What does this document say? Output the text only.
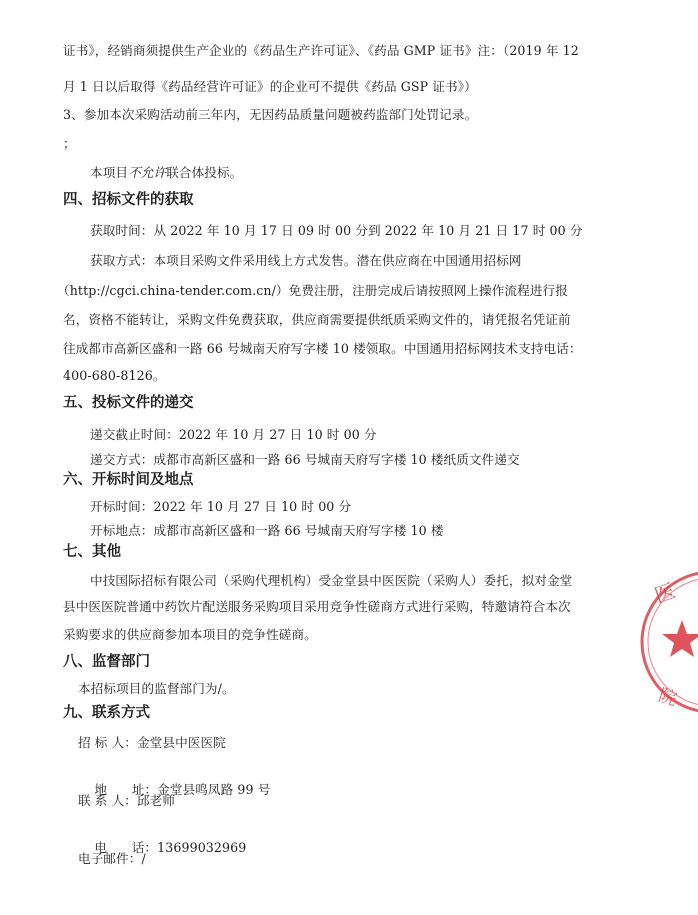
证书》，经销商须提供生产企业的《药品生产许可证》、《药品 GMP 证书》注：（2019 年 12
月 1 日以后取得《药品经营许可证》的企业可不提供《药品 GSP 证书》）
3、参加本次采购活动前三年内，无因药品质量问题被药监部门处罚记录。
；
本项目不允许联合体投标。
四、招标文件的获取
获取时间：从 2022 年 10 月 17 日 09 时 00 分到 2022 年 10 月 21 日 17 时 00 分
获取方式：本项目采购文件采用线上方式发售。潜在供应商在中国通用招标网
（http://cgci.china-tender.com.cn/）免费注册，注册完成后请按照网上操作流程进行报
名，资格不能转让，采购文件免费获取，供应商需要提供纸质采购文件的，请凭报名凭证前
往成都市高新区盛和一路 66 号城南天府写字楼 10 楼领取。中国通用招标网技术支持电话：
400-680-8126。
五、投标文件的递交
递交截止时间：2022 年 10 月 27 日 10 时 00 分
递交方式：成都市高新区盛和一路 66 号城南天府写字楼 10 楼纸质文件递交
六、开标时间及地点
开标时间：2022 年 10 月 27 日 10 时 00 分
开标地点：成都市高新区盛和一路 66 号城南天府写字楼 10 楼
七、其他
中技国际招标有限公司（采购代理机构）受金堂县中医医院（采购人）委托，拟对金堂
县中医医院普通中药饮片配送服务采购项目采用竞争性磋商方式进行采购，特邀请符合本次
采购要求的供应商参加本项目的竞争性磋商。
八、监督部门
本招标项目的监督部门为/。
九、联系方式
招 标 人：金堂县中医医院

地      址：金堂县鸣凤路 99 号

联 系 人：邱老师

电      话：13699032969

电子邮件：/
医
院
